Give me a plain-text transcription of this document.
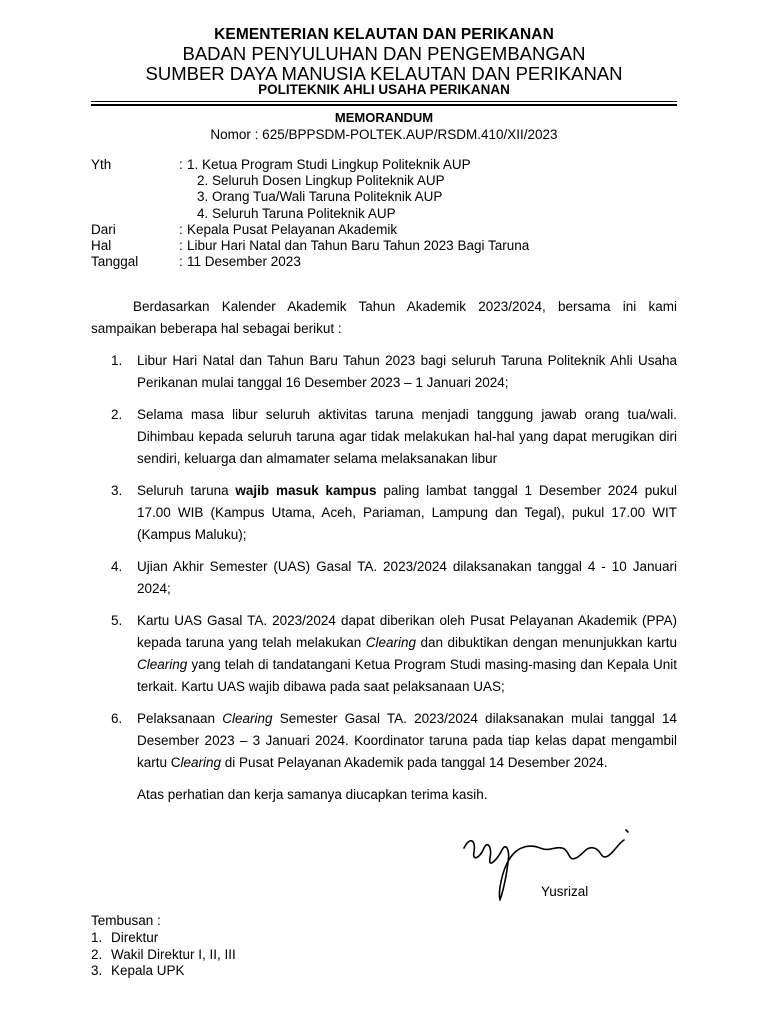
KEMENTERIAN KELAUTAN DAN PERIKANAN
BADAN PENYULUHAN DAN PENGEMBANGAN
SUMBER DAYA MANUSIA KELAUTAN DAN PERIKANAN
POLITEKNIK AHLI USAHA PERIKANAN
MEMORANDUM
Nomor : 625/BPPSDM-POLTEK.AUP/RSDM.410/XII/2023
Yth	: 1. Ketua Program Studi Lingkup Politeknik AUP
2. Seluruh Dosen Lingkup Politeknik AUP
3. Orang Tua/Wali Taruna Politeknik AUP
4. Seluruh Taruna Politeknik AUP
Dari	: Kepala Pusat Pelayanan Akademik
Hal	: Libur Hari Natal dan Tahun Baru Tahun 2023 Bagi Taruna
Tanggal	: 11 Desember 2023

Berdasarkan Kalender Akademik Tahun Akademik 2023/2024, bersama ini kami sampaikan beberapa hal sebagai berikut :

1.	Libur Hari Natal dan Tahun Baru Tahun 2023 bagi seluruh Taruna Politeknik Ahli Usaha Perikanan mulai tanggal 16 Desember 2023 – 1 Januari 2024;
2.	Selama masa libur seluruh aktivitas taruna menjadi tanggung jawab orang tua/wali. Dihimbau kepada seluruh taruna agar tidak melakukan hal-hal yang dapat merugikan diri sendiri, keluarga dan almamater selama melaksanakan libur
3.	Seluruh taruna wajib masuk kampus paling lambat tanggal 1 Desember 2024 pukul 17.00 WIB (Kampus Utama, Aceh, Pariaman, Lampung dan Tegal), pukul 17.00 WIT (Kampus Maluku);
4.	Ujian Akhir Semester (UAS) Gasal TA. 2023/2024 dilaksanakan tanggal 4 - 10 Januari 2024;
5.	Kartu UAS Gasal TA. 2023/2024 dapat diberikan oleh Pusat Pelayanan Akademik (PPA) kepada taruna yang telah melakukan Clearing dan dibuktikan dengan menunjukkan kartu Clearing yang telah di tandatangani Ketua Program Studi masing-masing dan Kepala Unit terkait. Kartu UAS wajib dibawa pada saat pelaksanaan UAS;
6.	Pelaksanaan Clearing Semester Gasal TA. 2023/2024 dilaksanakan mulai tanggal 14 Desember 2023 – 3 Januari 2024. Koordinator taruna pada tiap kelas dapat mengambil kartu Clearing di Pusat Pelayanan Akademik pada tanggal 14 Desember 2024.
Atas perhatian dan kerja samanya diucapkan terima kasih.
Yusrizal
Tembusan :
1. Direktur
2. Wakil Direktur I, II, III
3. Kepala UPK
